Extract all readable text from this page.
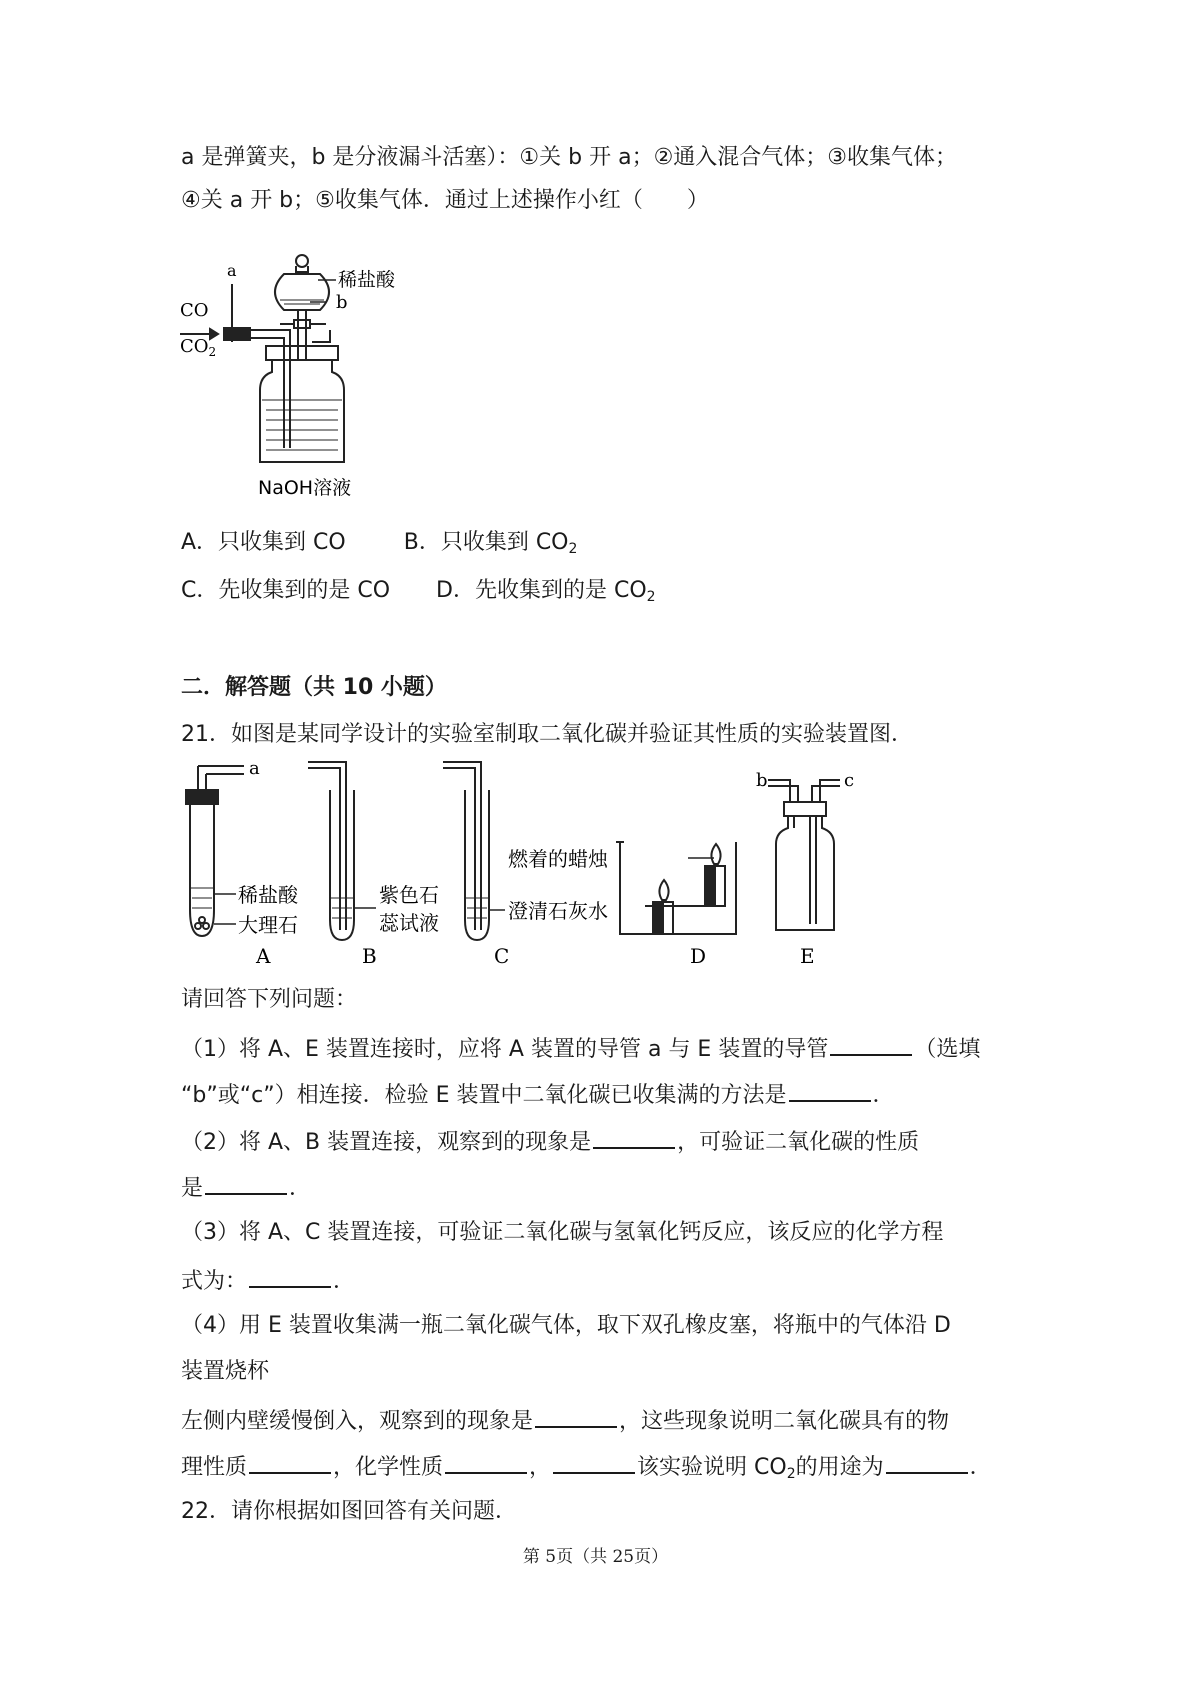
a 是弹簧夹，b 是分液漏斗活塞）：①关 b 开 a；②通入混合气体；③收集气体；
④关 a 开 b；⑤收集气体．通过上述操作小红（　　）
a
b
稀盐酸
CO
$CO_2$
NaOH溶液
A．只收集到 CO	B．只收集到 $CO_2$
C．先收集到的是 CO D．先收集到的是 $CO_2$
二．解答题（共 10 小题）
21．如图是某同学设计的实验室制取二氧化碳并验证其性质的实验装置图．
a
稀盐酸
大理石
紫色石
蕊试液
燃着的蜡烛
澄清石灰水
b	c
A	B	C	D	E
请回答下列问题：
（1）将 A、E 装置连接时，应将 A 装置的导管 a 与 E 装置的导管	（选填
“b”或“c”）相连接．检验 E 装置中二氧化碳已收集满的方法是	．
（2）将 A、B 装置连接，观察到的现象是	，可验证二氧化碳的性质
是	．
（3）将 A、C 装置连接，可验证二氧化碳与氢氧化钙反应，该反应的化学方程
式为：	．
（4）用 E 装置收集满一瓶二氧化碳气体，取下双孔橡皮塞，将瓶中的气体沿 D
装置烧杯
左侧内壁缓慢倒入，观察到的现象是	，这些现象说明二氧化碳具有的物
理性质	，化学性质	，	该实验说明 $CO_2$的用途为	．
22．请你根据如图回答有关问题．
第 5页（共 25页）
